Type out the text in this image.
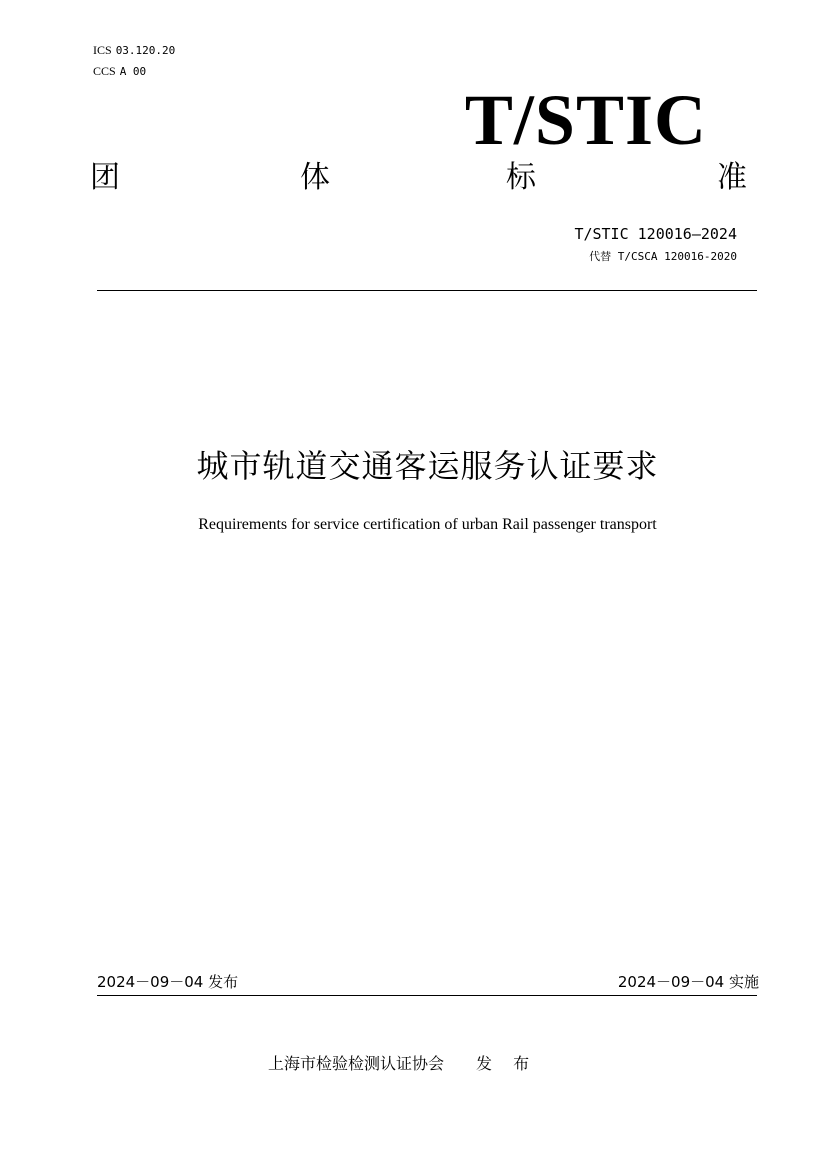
ICS 03.120.20
CCS A 00
T/STIC
团	体	标	准
T/STIC 120016—2024
代替 T/CSCA 120016-2020
城市轨道交通客运服务认证要求
Requirements for service certification of urban Rail passenger transport
2024－09－04 发布	2024－09－04 实施
上海市检验检测认证协会 发 布
